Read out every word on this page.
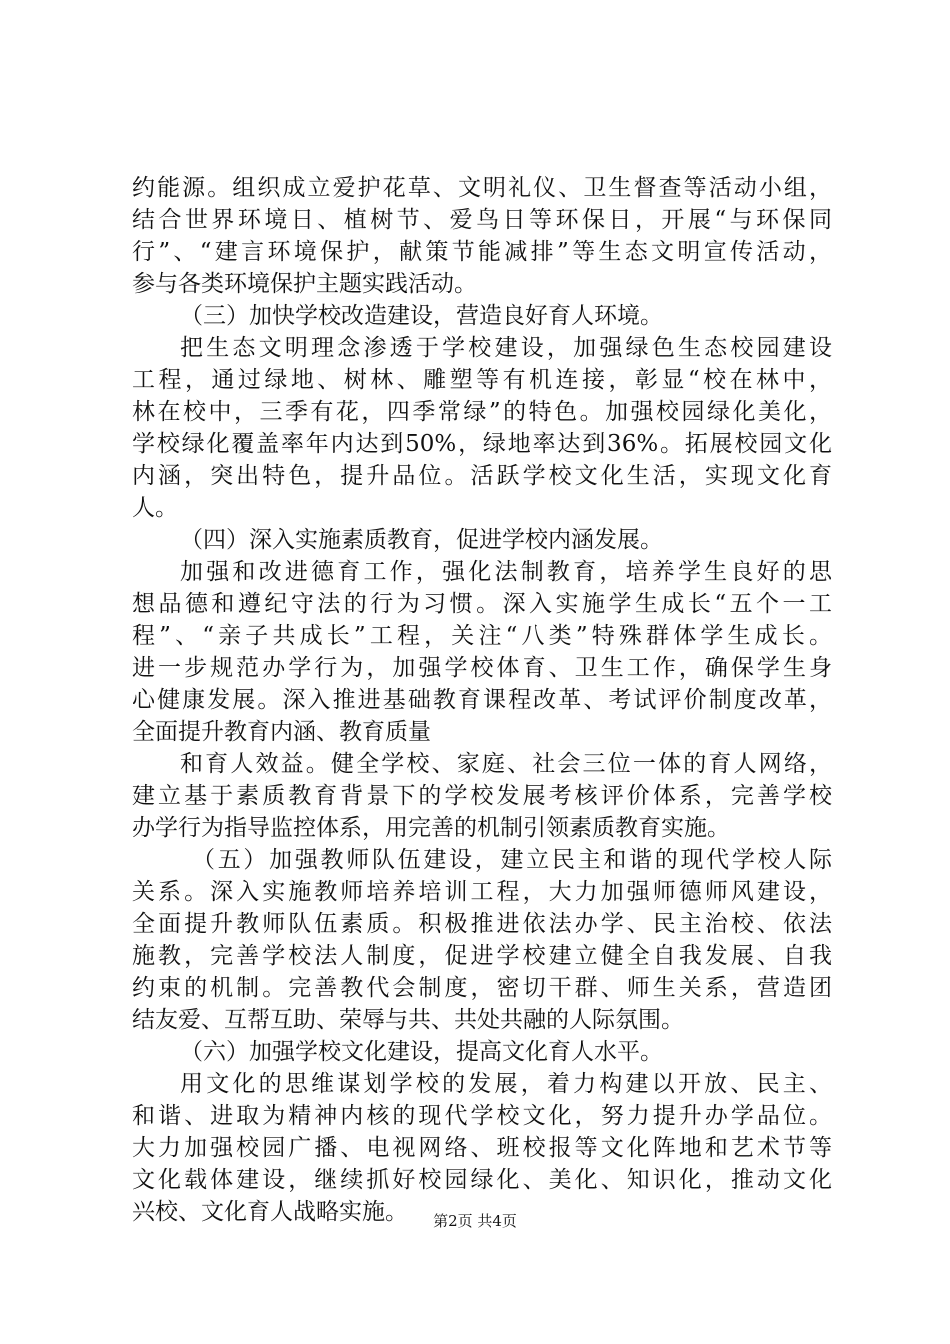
约能源。组织成立爱护花草、文明礼仪、卫生督查等活动小组，
结合世界环境日、植树节、爱鸟日等环保日，开展“与环保同
行”、“建言环境保护，献策节能减排”等生态文明宣传活动，
参与各类环境保护主题实践活动。
（三）加快学校改造建设，营造良好育人环境。
把生态文明理念渗透于学校建设，加强绿色生态校园建设
工程，通过绿地、树林、雕塑等有机连接，彰显“校在林中，
林在校中，三季有花，四季常绿”的特色。加强校园绿化美化，
学校绿化覆盖率年内达到50%，绿地率达到36%。拓展校园文化
内涵，突出特色，提升品位。活跃学校文化生活，实现文化育
人。
（四）深入实施素质教育，促进学校内涵发展。
加强和改进德育工作，强化法制教育，培养学生良好的思
想品德和遵纪守法的行为习惯。深入实施学生成长“五个一工
程”、“亲子共成长”工程，关注“八类”特殊群体学生成长。
进一步规范办学行为，加强学校体育、卫生工作，确保学生身
心健康发展。深入推进基础教育课程改革、考试评价制度改革，
全面提升教育内涵、教育质量
和育人效益。健全学校、家庭、社会三位一体的育人网络，
建立基于素质教育背景下的学校发展考核评价体系，完善学校
办学行为指导监控体系，用完善的机制引领素质教育实施。
（五）加强教师队伍建设，建立民主和谐的现代学校人际
关系。深入实施教师培养培训工程，大力加强师德师风建设，
全面提升教师队伍素质。积极推进依法办学、民主治校、依法
施教，完善学校法人制度，促进学校建立健全自我发展、自我
约束的机制。完善教代会制度，密切干群、师生关系，营造团
结友爱、互帮互助、荣辱与共、共处共融的人际氛围。
（六）加强学校文化建设，提高文化育人水平。
用文化的思维谋划学校的发展，着力构建以开放、民主、
和谐、进取为精神内核的现代学校文化，努力提升办学品位。
大力加强校园广播、电视网络、班校报等文化阵地和艺术节等
文化载体建设，继续抓好校园绿化、美化、知识化，推动文化
兴校、文化育人战略实施。	第2页 共4页
